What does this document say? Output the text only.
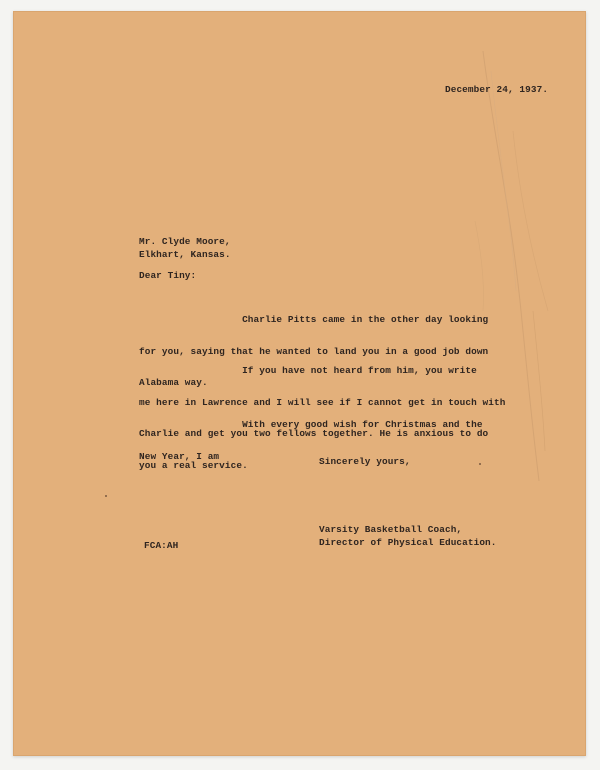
December 24, 1937.
Mr. Clyde Moore,
Elkhart, Kansas.
Dear Tiny:

Charlie Pitts came in the other day looking

for you, saying that he wanted to land you in a good job down

Alabama way.

If you have not heard from him, you write

me here in Lawrence and I will see if I cannot get in touch with

Charlie and get you two fellows together. He is anxious to do

you a real service.

With every good wish for Christmas and the

New Year, I am

	Sincerely yours,
Varsity Basketball Coach,
Director of Physical Education.
FCA:AH
